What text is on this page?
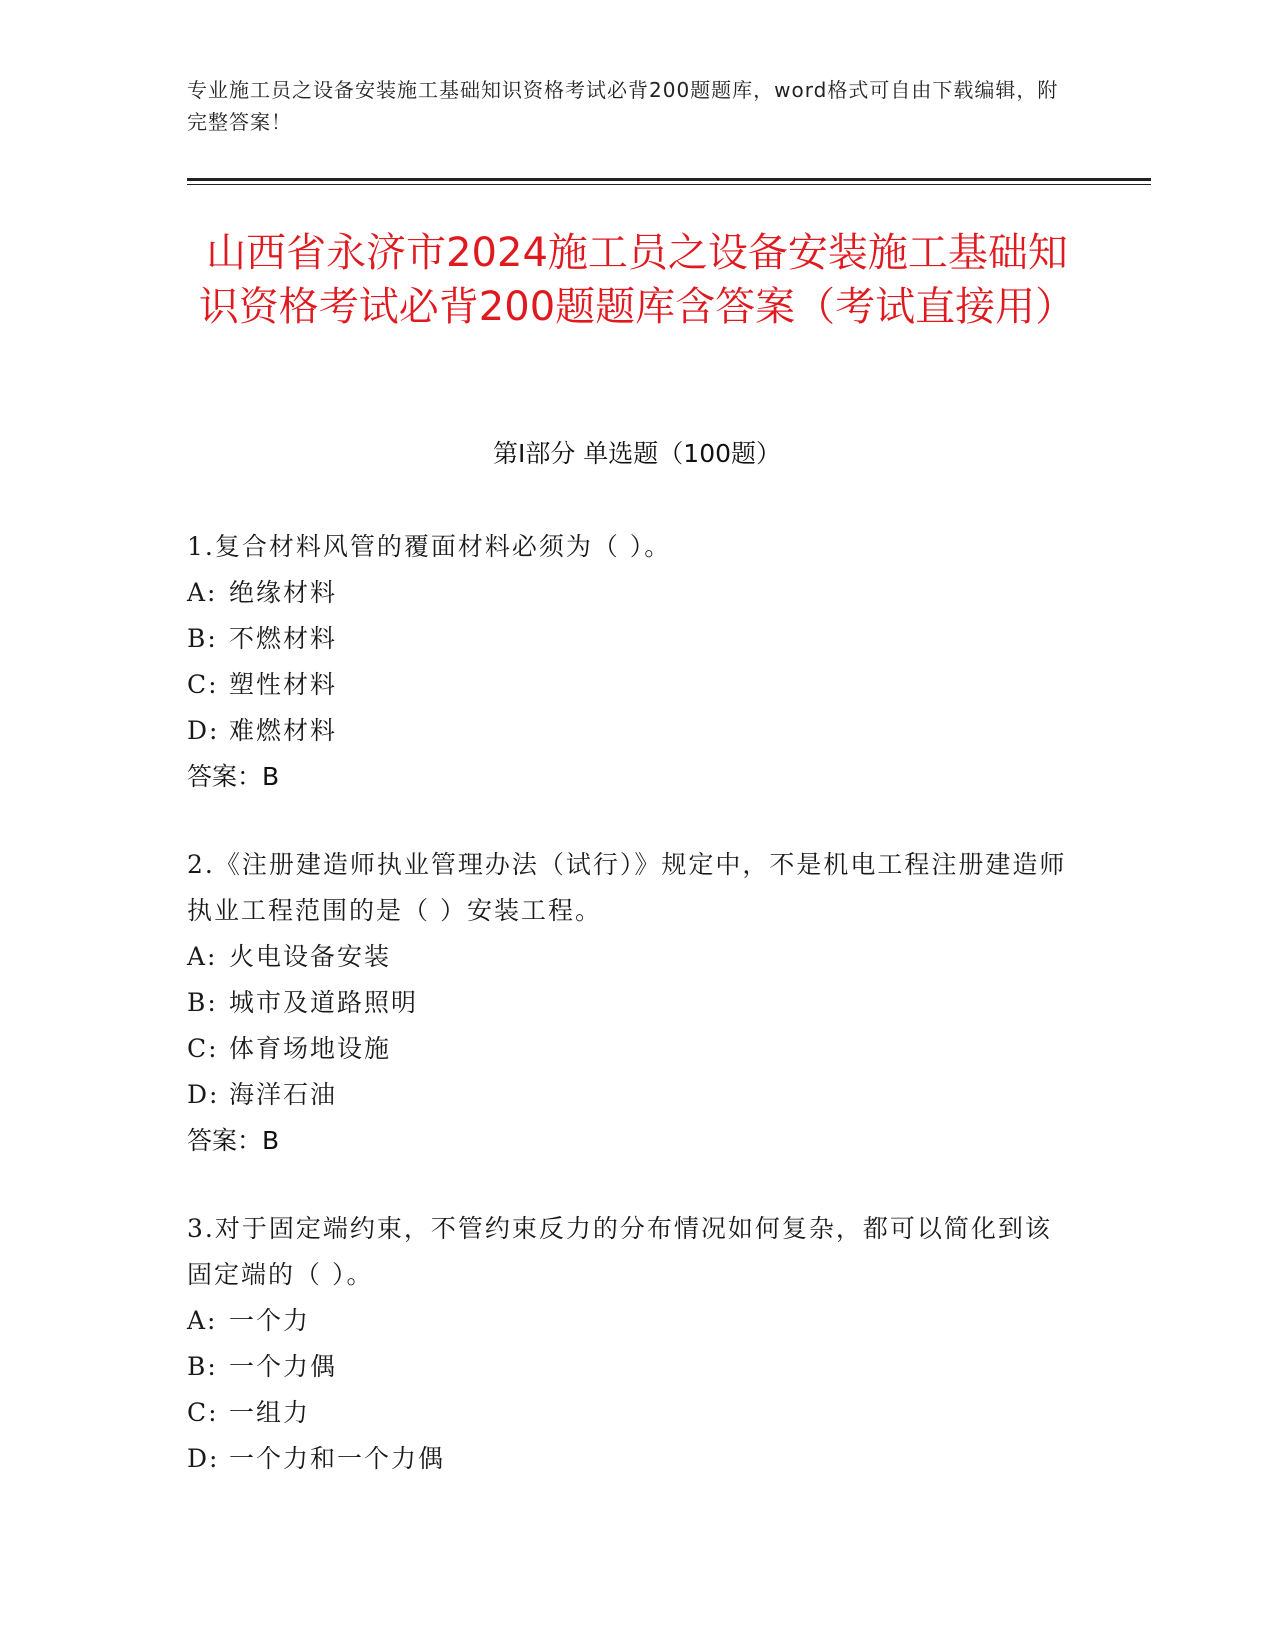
专业施工员之设备安装施工基础知识资格考试必背200题题库，word格式可自由下载编辑，附完整答案！

山西省永济市2024施工员之设备安装施工基础知识资格考试必背200题题库含答案（考试直接用）
第I部分 单选题（100题）

1.复合材料风管的覆面材料必须为（ ）。

A: 绝缘材料
B: 不燃材料
C: 塑性材料
D: 难燃材料
答案：B

2.《注册建造师执业管理办法（试行）》规定中，不是机电工程注册建造师执业工程范围的是（ ）安装工程。

A: 火电设备安装
B: 城市及道路照明
C: 体育场地设施
D: 海洋石油
答案：B

3.对于固定端约束，不管约束反力的分布情况如何复杂，都可以简化到该固定端的（ ）。

A: 一个力
B: 一个力偶
C: 一组力
D: 一个力和一个力偶
